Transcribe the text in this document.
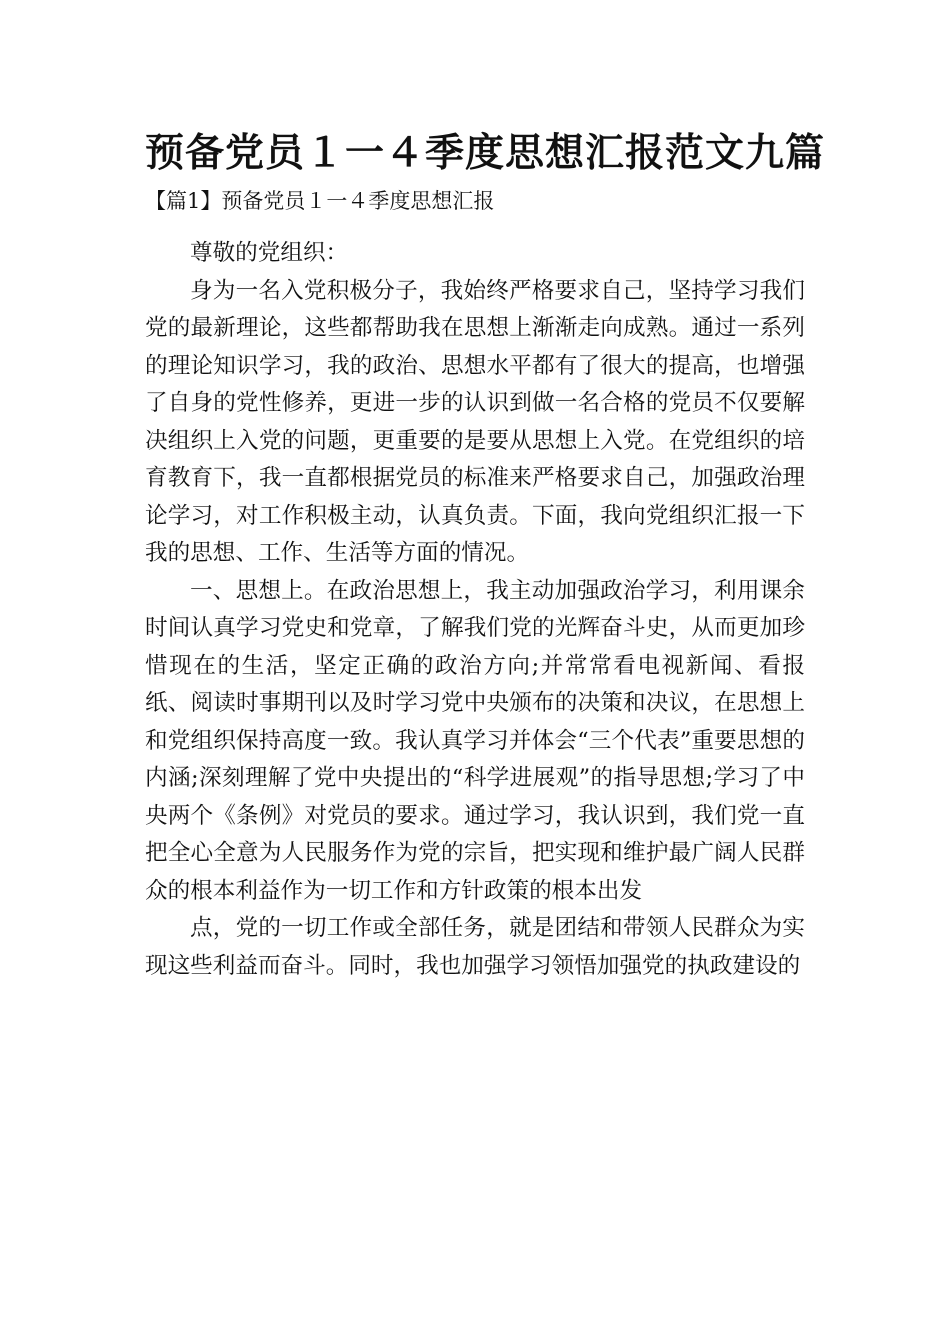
预备党员１一４季度思想汇报范文九篇
【篇1】预备党员１一４季度思想汇报

尊敬的党组织：

身为一名入党积极分子，我始终严格要求自己，坚持学习我们党的最新理论，这些都帮助我在思想上渐渐走向成熟。通过一系列的理论知识学习，我的政治、思想水平都有了很大的提高，也增强了自身的党性修养，更进一步的认识到做一名合格的党员不仅要解决组织上入党的问题，更重要的是要从思想上入党。在党组织的培育教育下，我一直都根据党员的标准来严格要求自己，加强政治理论学习，对工作积极主动，认真负责。下面，我向党组织汇报一下我的思想、工作、生活等方面的情况。

一、思想上。在政治思想上，我主动加强政治学习，利用课余时间认真学习党史和党章，了解我们党的光辉奋斗史，从而更加珍惜现在的生活，坚定正确的政治方向;并常常看电视新闻、看报纸、阅读时事期刊以及时学习党中央颁布的决策和决议，在思想上和党组织保持高度一致。我认真学习并体会“三个代表”重要思想的内涵;深刻理解了党中央提出的“科学进展观”的指导思想;学习了中央两个《条例》对党员的要求。通过学习，我认识到，我们党一直把全心全意为人民服务作为党的宗旨，把实现和维护最广阔人民群众的根本利益作为一切工作和方针政策的根本出发

点，党的一切工作或全部任务，就是团结和带领人民群众为实现这些利益而奋斗。同时，我也加强学习领悟加强党的执政建设的
